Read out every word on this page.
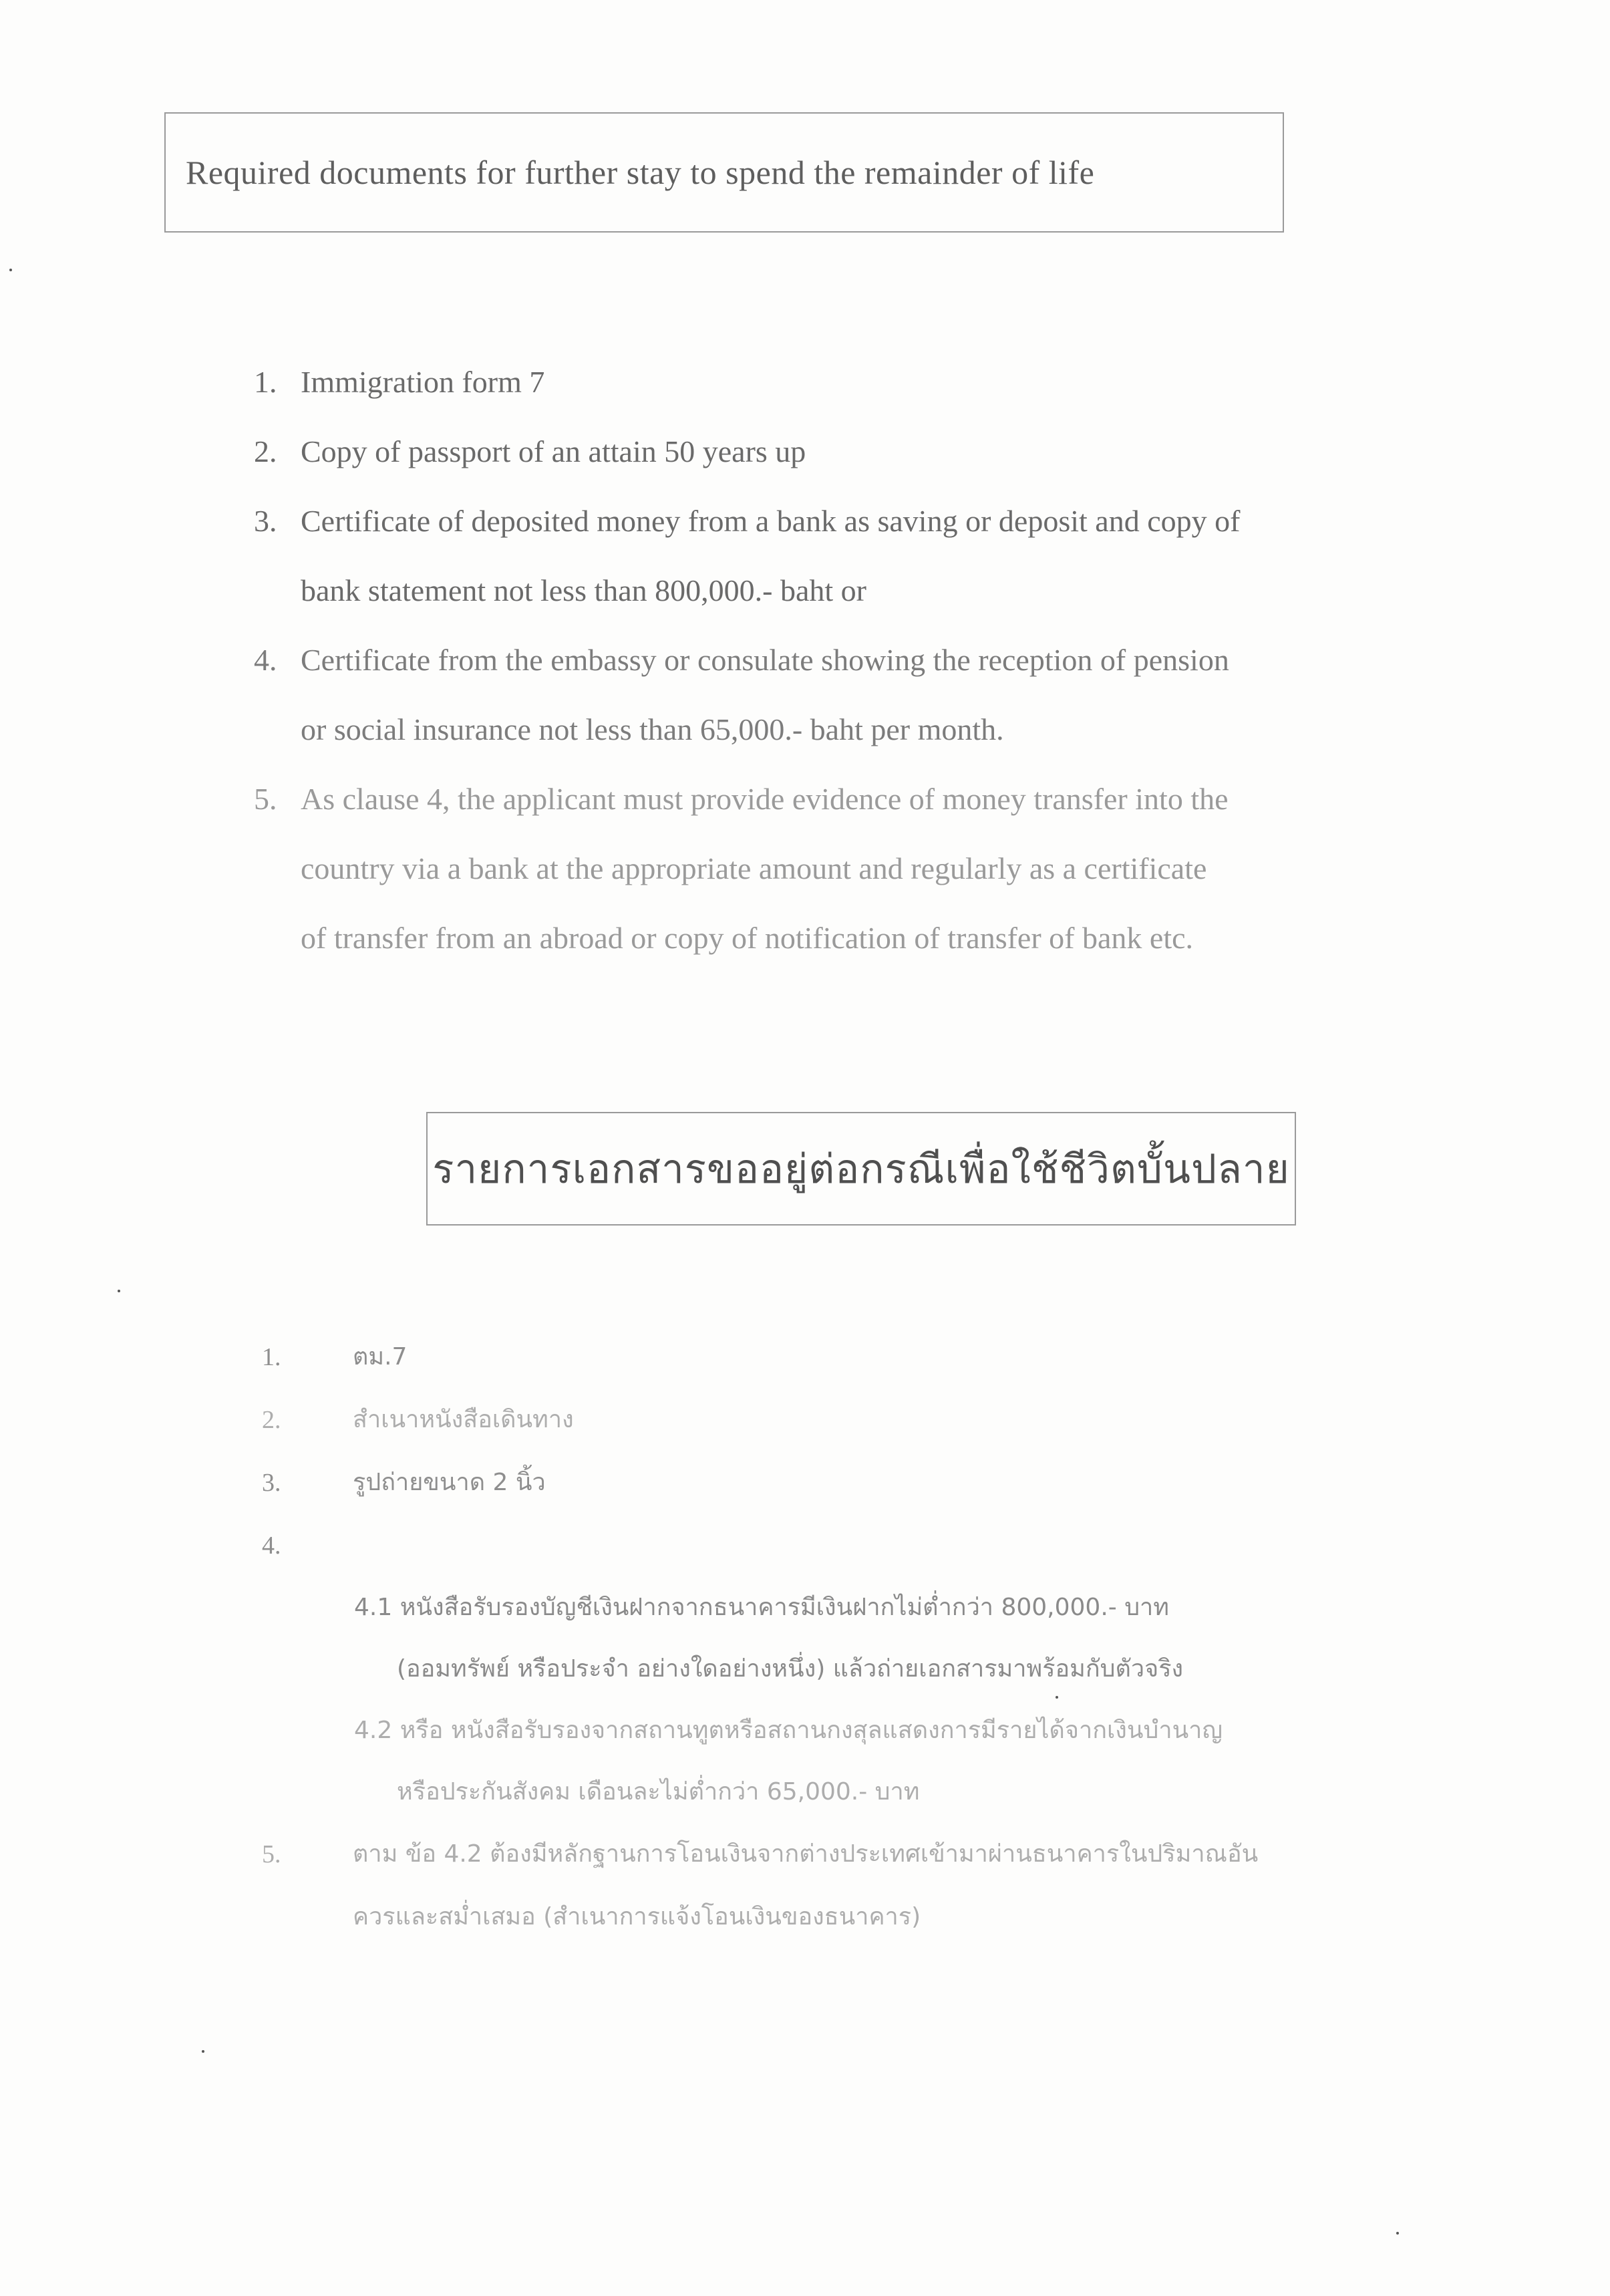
Required documents for further stay to spend the remainder of life
1. Immigration form 7
2. Copy of passport of an attain 50 years up
3. Certificate of deposited money from a bank as saving or deposit and copy of
bank statement not less than 800,000.- baht or
4. Certificate from the embassy or consulate showing the reception of pension
or social insurance not less than 65,000.- baht per month.
5. As clause 4, the applicant must provide evidence of money transfer into the
country via a bank at the appropriate amount and regularly as a certificate
of transfer from an abroad or copy of notification of transfer of bank etc.
รายการเอกสารขออยู่ต่อกรณีเพื่อใช้ชีวิตบั้นปลาย
1.	ตม.7
2.	สำเนาหนังสือเดินทาง
3.	รูปถ่ายขนาด 2 นิ้ว
4.
4.1 หนังสือรับรองบัญชีเงินฝากจากธนาคารมีเงินฝากไม่ต่ำกว่า 800,000.- บาท
(ออมทรัพย์ หรือประจำ อย่างใดอย่างหนึ่ง) แล้วถ่ายเอกสารมาพร้อมกับตัวจริง
4.2 หรือ หนังสือรับรองจากสถานทูตหรือสถานกงสุลแสดงการมีรายได้จากเงินบำนาญ
หรือประกันสังคม เดือนละไม่ต่ำกว่า 65,000.- บาท
5.	ตาม ข้อ 4.2 ต้องมีหลักฐานการโอนเงินจากต่างประเทศเข้ามาผ่านธนาคารในปริมาณอัน
ควรและสม่ำเสมอ (สำเนาการแจ้งโอนเงินของธนาคาร)
